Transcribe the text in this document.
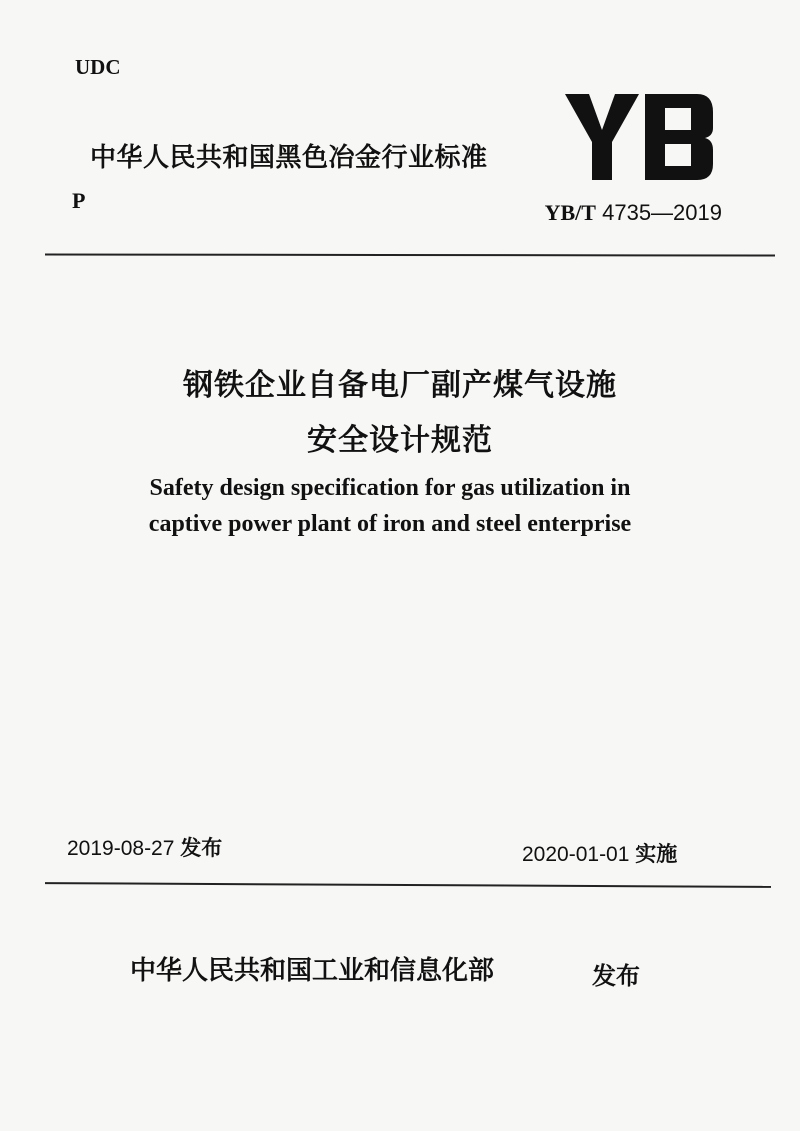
UDC
中华人民共和国黑色冶金行业标准
P	YB/T 4735—2019
钢铁企业自备电厂副产煤气设施
安全设计规范
Safety design specification for gas utilization in
captive power plant of iron and steel enterprise
2019-08-27 发布	2020-01-01 实施
中华人民共和国工业和信息化部	发布
